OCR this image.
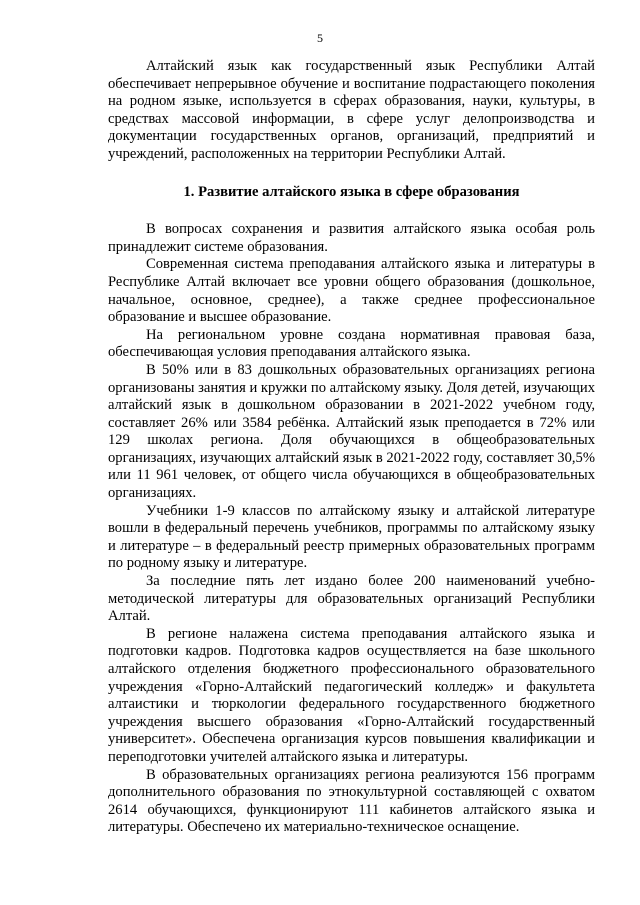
5

Алтайский язык как государственный язык Республики Алтай обеспечивает непрерывное обучение и воспитание подрастающего поколения на родном языке, используется в сферах образования, науки, культуры, в средствах массовой информации, в сфере услуг делопроизводства и документации государственных органов, организаций, предприятий и учреждений, расположенных на территории Республики Алтай.

1. Развитие алтайского языка в сфере образования

В вопросах сохранения и развития алтайского языка особая роль принадлежит системе образования.

Современная система преподавания алтайского языка и литературы в Республике Алтай включает все уровни общего образования (дошкольное, начальное, основное, среднее), а также среднее профессиональное образование и высшее образование.

На региональном уровне создана нормативная правовая база, обеспечивающая условия преподавания алтайского языка.

В 50% или в 83 дошкольных образовательных организациях региона организованы занятия и кружки по алтайскому языку. Доля детей, изучающих алтайский язык в дошкольном образовании в 2021-2022 учебном году, составляет 26% или 3584 ребёнка. Алтайский язык преподается в 72% или 129 школах региона. Доля обучающихся в общеобразовательных организациях, изучающих алтайский язык в 2021-2022 году, составляет 30,5% или 11 961 человек, от общего числа обучающихся в общеобразовательных организациях.

Учебники 1-9 классов по алтайскому языку и алтайской литературе вошли в федеральный перечень учебников, программы по алтайскому языку и литературе – в федеральный реестр примерных образовательных программ по родному языку и литературе.

За последние пять лет издано более 200 наименований учебно-методической литературы для образовательных организаций Республики Алтай.

В регионе налажена система преподавания алтайского языка и подготовки кадров. Подготовка кадров осуществляется на базе школьного алтайского отделения бюджетного профессионального образовательного учреждения «Горно-Алтайский педагогический колледж» и факультета алтаистики и тюркологии федерального государственного бюджетного учреждения высшего образования «Горно-Алтайский государственный университет». Обеспечена организация курсов повышения квалификации и переподготовки учителей алтайского языка и литературы.

В образовательных организациях региона реализуются 156 программ дополнительного образования по этнокультурной составляющей с охватом 2614 обучающихся, функционируют 111 кабинетов алтайского языка и литературы. Обеспечено их материально-техническое оснащение.
